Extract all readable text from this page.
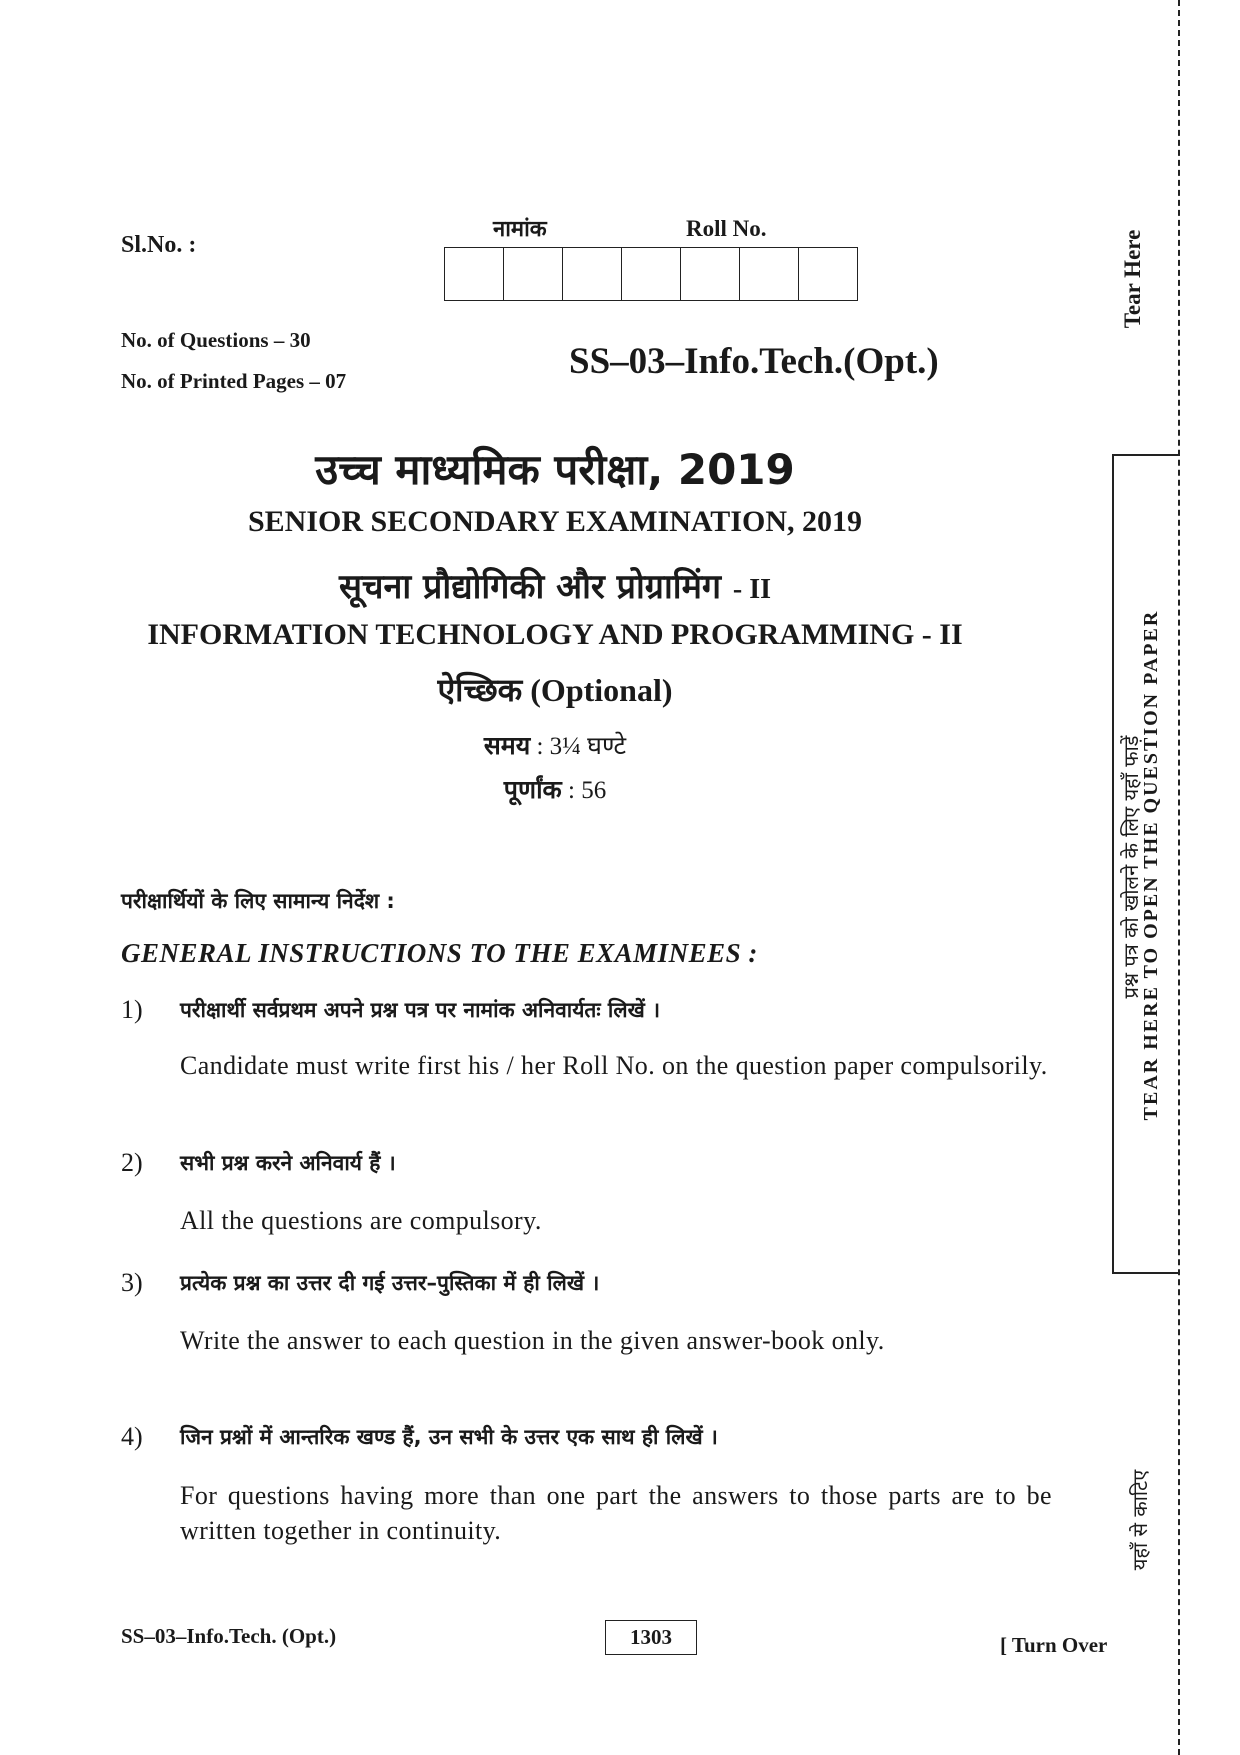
Sl.No. :
नामांक	Roll No.
No. of Questions – 30
No. of Printed Pages – 07	SS–03–Info.Tech.(Opt.)
उच्च माध्यमिक परीक्षा, 2019
SENIOR SECONDARY EXAMINATION, 2019
सूचना प्रौद्योगिकी और प्रोग्रामिंग - II
INFORMATION TECHNOLOGY AND PROGRAMMING - II
ऐच्छिक (Optional)
समय : 3¼ घण्टे
पूर्णांक : 56
परीक्षार्थियों के लिए सामान्य निर्देश :
GENERAL INSTRUCTIONS TO THE EXAMINEES :
1) परीक्षार्थी सर्वप्रथम अपने प्रश्न पत्र पर नामांक अनिवार्यतः लिखें ।
Candidate must write first his / her Roll No. on the question paper compulsorily.
2) सभी प्रश्न करने अनिवार्य हैं ।
All the questions are compulsory.
3) प्रत्येक प्रश्न का उत्तर दी गई उत्तर–पुस्तिका में ही लिखें ।
Write the answer to each question in the given answer-book only.
4) जिन प्रश्नों में आन्तरिक खण्ड हैं, उन सभी के उत्तर एक साथ ही लिखें ।
For questions having more than one part the answers to those parts are to be written together in continuity.
SS–03–Info.Tech. (Opt.)	1303	[ Turn Over
Tear Here
प्रश्न पत्र को खोलने के लिए यहाँ फाड़ें
TEAR HERE TO OPEN THE QUESTION PAPER
यहाँ से काटिए
